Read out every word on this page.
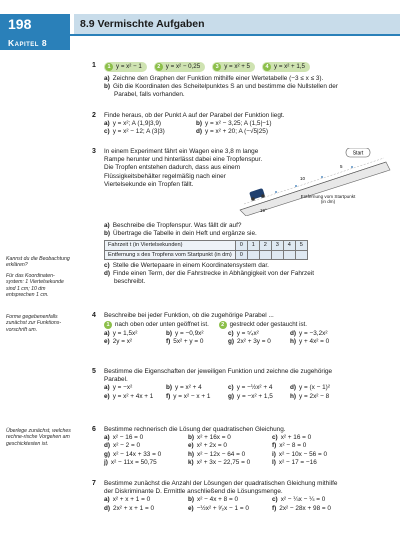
198	8.9 Vermischte Aufgaben
Kapitel 8
Kannst du die Beobachtung erklären?
Für das Koordinaten-system: 1 Viertelsekunde sind 1 cm; 10 dm entsprechen 1 cm.
Forme gegebenenfalls zunächst zur Funktions-vorschrift um.
Überlege zunächst, welches rechne-rische Vorgehen am geschicktesten ist.
1	1 y = x² − 1	2 y = x² − 0,25	3 y = x² + 5	4 y = x² + 1,5
a) Zeichne den Graphen der Funktion mithilfe einer Wertetabelle (−3 ≤ x ≤ 3).
b) Gib die Koordinaten des Scheitelpunktes S an und bestimme die Nullstellen der
Parabel, falls vorhanden.
2 Finde heraus, ob der Punkt A auf der Parabel der Funktion liegt.
a) y = x²; A (1,9|3,9)	b) y = x² − 3,25; A (1,5|−1)
c) y = x² − 12; A (3|3)	d) y = x² + 20; A (−√5|25)
3 In einem Experiment fährt ein Wagen eine 3,8 m lange
Rampe herunter und hinterlässt dabei eine Tropfenspur.
Die Tropfen entstehen dadurch, dass aus einem
Flüssigkeitsbehälter regelmäßig nach einer
Viertelsekunde ein Tropfen fällt.
Start
10
5
19°
Entfernung vom Startpunkt (in dm)
a) Beschreibe die Tropfenspur. Was fällt dir auf?
b) Übertrage die Tabelle in dein Heft und ergänze sie.
Fahrzeit t (in Viertelsekunden)	0	1	2	3	4	5
Entfernung s des Tropfens vom Startpunkt (in dm)	0					
c) Stelle die Wertepaare in einem Koordinatensystem dar.
d) Finde einen Term, der die Fahrstrecke in Abhängigkeit von der Fahrzeit
beschreibt.
4 Beschreibe bei jeder Funktion, ob die zugehörige Parabel ...
1 nach oben oder unten geöffnet ist.
	2 gestreckt oder gestaucht ist.
a) y = 1,5x²	b) y = −0,9x²	c) y = ⁵⁄₄x²	d) y = −3,2x²
e) 2y = x²	f) 5x² + y = 0	g) 2x² + 3y = 0	h) y + 4x² = 0
5 Bestimme die Eigenschaften der jeweiligen Funktion und zeichne die zugehörige
Parabel.
a) y = −x²	b) y = x² + 4	c) y = −½x² + 4	d) y = (x − 1)²
e) y = x² + 4x + 1	f) y = x² − x + 1	g) y = −x² + 1,5	h) y = 2x² − 8
6 Bestimme rechnerisch die Lösung der quadratischen Gleichung.
a) x² − 16 = 0	b) x² + 16x = 0	c) x² + 16 = 0
d) x² − 2 = 0	e) x² + 2x = 0	f) x² − 8 = 0
g) x² − 14x + 33 = 0	h) x² − 12x − 64 = 0	i) x² − 10x − 56 = 0
j) x² − 11x = 50,75	k) x² + 3x − 22,75 = 0	l) x² − 17 = −16
7 Bestimme zunächst die Anzahl der Lösungen der quadratischen Gleichung mithilfe
der Diskriminante D. Ermittle anschließend die Lösungsmenge.
a) x² + x + 1 = 0	b) x² − 4x + 8 = 0	c) x² − ¼x − ¼ = 0
d) 2x² + x + 1 = 0	e) −½x² + ³⁄₂x − 1 = 0	f) 2x² − 28x + 98 = 0
